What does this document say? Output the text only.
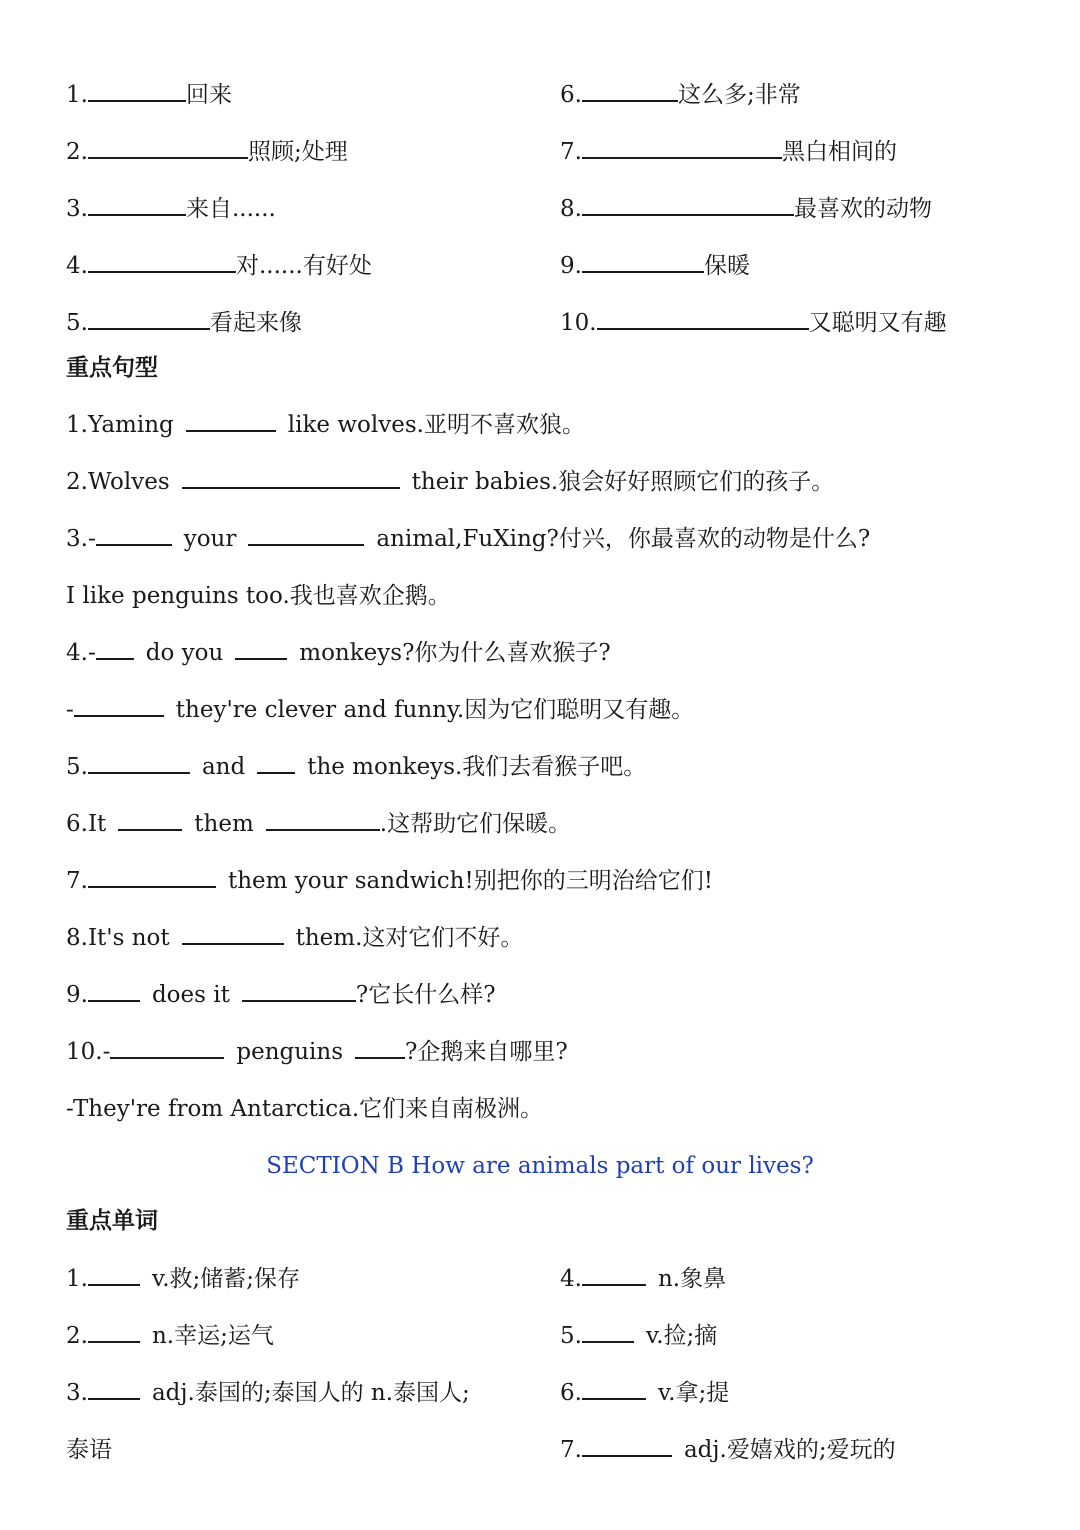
1.	回来
2.	照顾;处理
3.	来自......
4.	对......有好处
5.	看起来像
6.	这么多;非常
7.	黑白相间的
8.	最喜欢的动物
9.	保暖
10.	又聪明又有趣
重点句型
1.Yaming	like wolves.亚明不喜欢狼。
2.Wolves	their babies.狼会好好照顾它们的孩子。
3.-	your	animal,FuXing?付兴，你最喜欢的动物是什么?
I like penguins too.我也喜欢企鹅。
4.- do you	monkeys?你为什么喜欢猴子?
-	they're clever and funny.因为它们聪明又有趣。
5.	and	the monkeys.我们去看猴子吧。
6.It	them	.这帮助它们保暖。
7.	them your sandwich!别把你的三明治给它们!
8.It's not	them.这对它们不好。
9.	does it	?它长什么样?
10.-	penguins	?企鹅来自哪里?
-They're from Antarctica.它们来自南极洲。
SECTION B How are animals part of our lives?
重点单词
1.	v.救;储蓄;保存
2.	n.幸运;运气
3.	adj.泰国的;泰国人的 n.泰国人;
泰语
4.	n.象鼻
5.	v.捡;摘
6.	v.拿;提
7.	adj.爱嬉戏的;爱玩的
